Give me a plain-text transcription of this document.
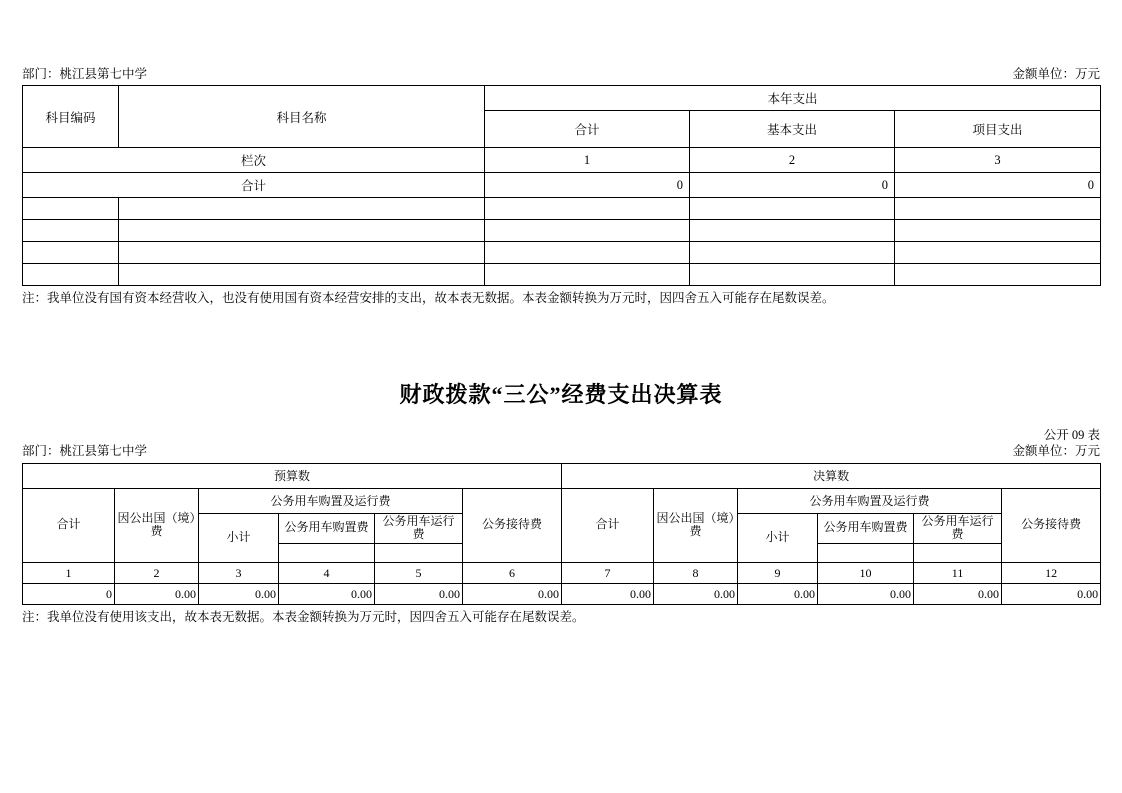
部门：桃江县第七中学	金额单位：万元
科目编码	科目名称	本年支出		
		合计	基本支出	项目支出
栏次		1	2	3
合计		0	0	0

注：我单位没有国有资本经营收入，也没有使用国有资本经营安排的支出，故本表无数据。本表金额转换为万元时，因四舍五入可能存在尾数误差。
财政拨款“三公”经费支出决算表
部门：桃江县第七中学
公开 09 表
金额单位：万元
预算数						决算数					
合计	因公出国（境）费	公务用车购置及运行费			公务接待费	合计	因公出国（境）费	公务用车购置及运行费			公务接待费
		小计	公务用车购置费	公务用车运行费				小计	公务用车购置费	公务用车运行费	

1	2	3	4	5	6	7	8	9	10	11	12
0	0.00	0.00	0.00	0.00	0.00	0.00	0.00	0.00	0.00	0.00	0.00
注：我单位没有使用该支出，故本表无数据。本表金额转换为万元时，因四舍五入可能存在尾数误差。
